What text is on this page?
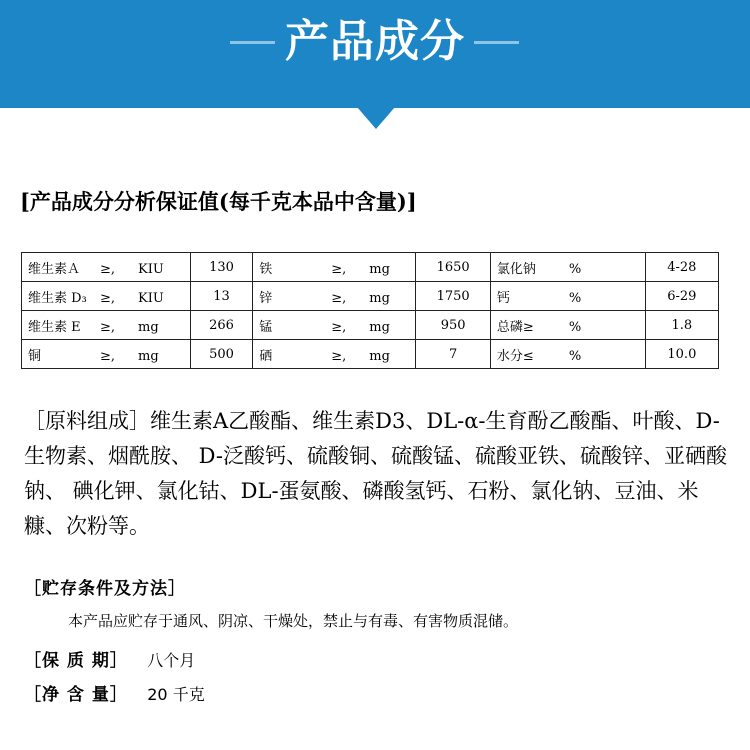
产品成分
[产品成分分析保证值(每千克本品中含量)]
维生素Ａ ≥, KIU	130	铁 ≥, mg	1650	氯化钠 %	4-28
维生素 D₃ ≥, KIU	13	锌 ≥, mg	1750	钙 %	6-29
维生素 E ≥, mg	266	锰 ≥, mg	950	总磷≥ %	1.8
铜 ≥, mg	500	硒 ≥, mg	7	水分≤ %	10.0

［原料组成］维生素A乙酸酯、维生素D3、DL-α-生育酚乙酸酯、叶酸、D-生物素、烟酰胺、 D-泛酸钙、硫酸铜、硫酸锰、硫酸亚铁、硫酸锌、亚硒酸钠、 碘化钾、氯化钴、DL-蛋氨酸、磷酸氢钙、石粉、氯化钠、豆油、米糠、次粉等。

［贮存条件及方法］
本产品应贮存于通风、阴凉、干燥处，禁止与有毒、有害物质混储。
［保 质 期］ 八个月
［净 含 量］ 20 千克
